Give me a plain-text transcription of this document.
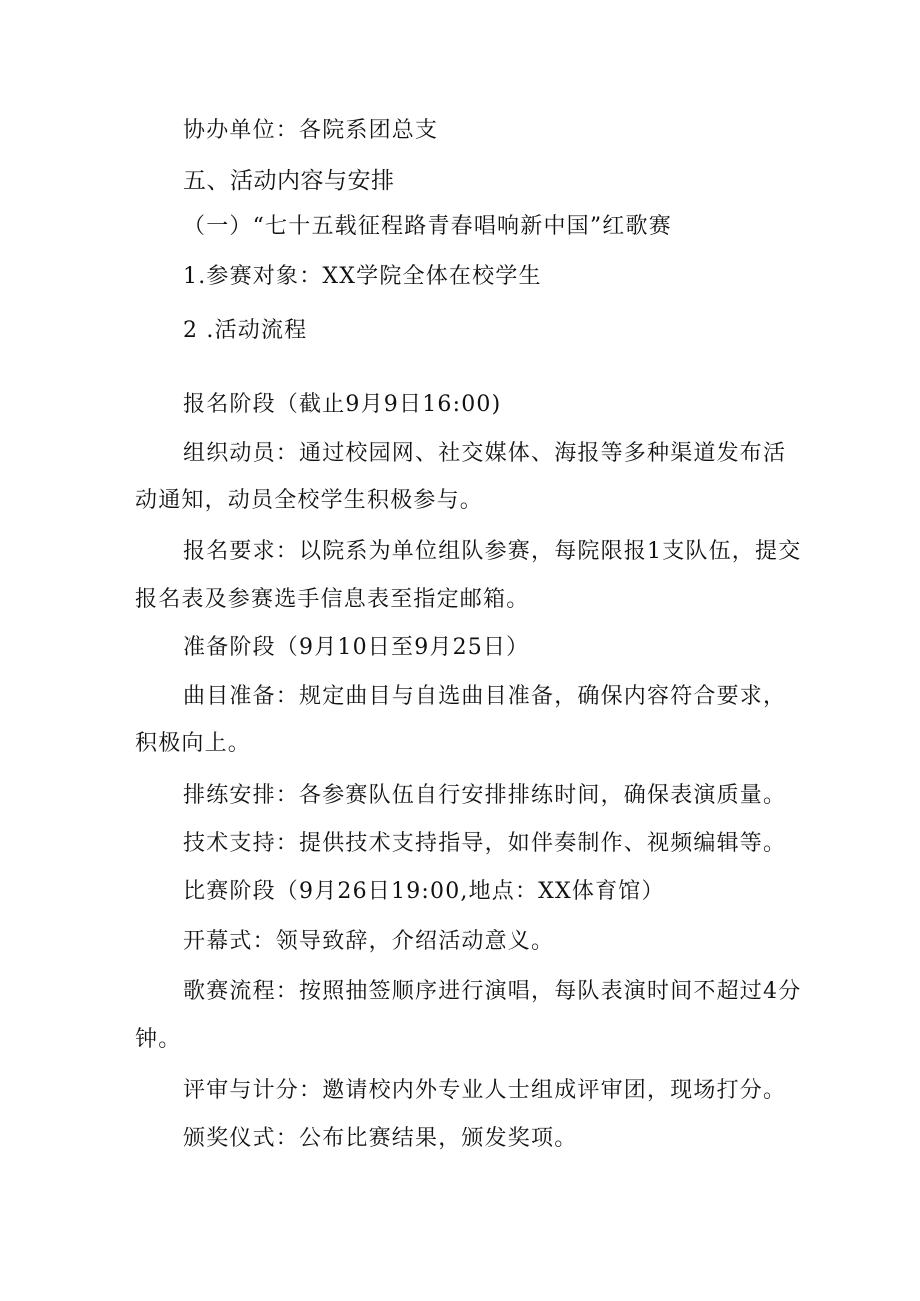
协办单位：各院系团总支
五、活动内容与安排
（一）“七十五载征程路青春唱响新中国”红歌赛
1.参赛对象：XX学院全体在校学生
2 .活动流程
报名阶段（截止9月9日16:00)
组织动员：通过校园网、社交媒体、海报等多种渠道发布活
动通知，动员全校学生积极参与。
报名要求：以院系为单位组队参赛，每院限报1支队伍，提交
报名表及参赛选手信息表至指定邮箱。
准备阶段（9月10日至9月25日）
曲目准备：规定曲目与自选曲目准备，确保内容符合要求，
积极向上。
排练安排：各参赛队伍自行安排排练时间，确保表演质量。
技术支持：提供技术支持指导，如伴奏制作、视频编辑等。
比赛阶段（9月26日19:00,地点：XX体育馆）
开幕式：领导致辞，介绍活动意义。
歌赛流程：按照抽签顺序进行演唱，每队表演时间不超过4分
钟。
评审与计分：邀请校内外专业人士组成评审团，现场打分。
颁奖仪式：公布比赛结果，颁发奖项。
